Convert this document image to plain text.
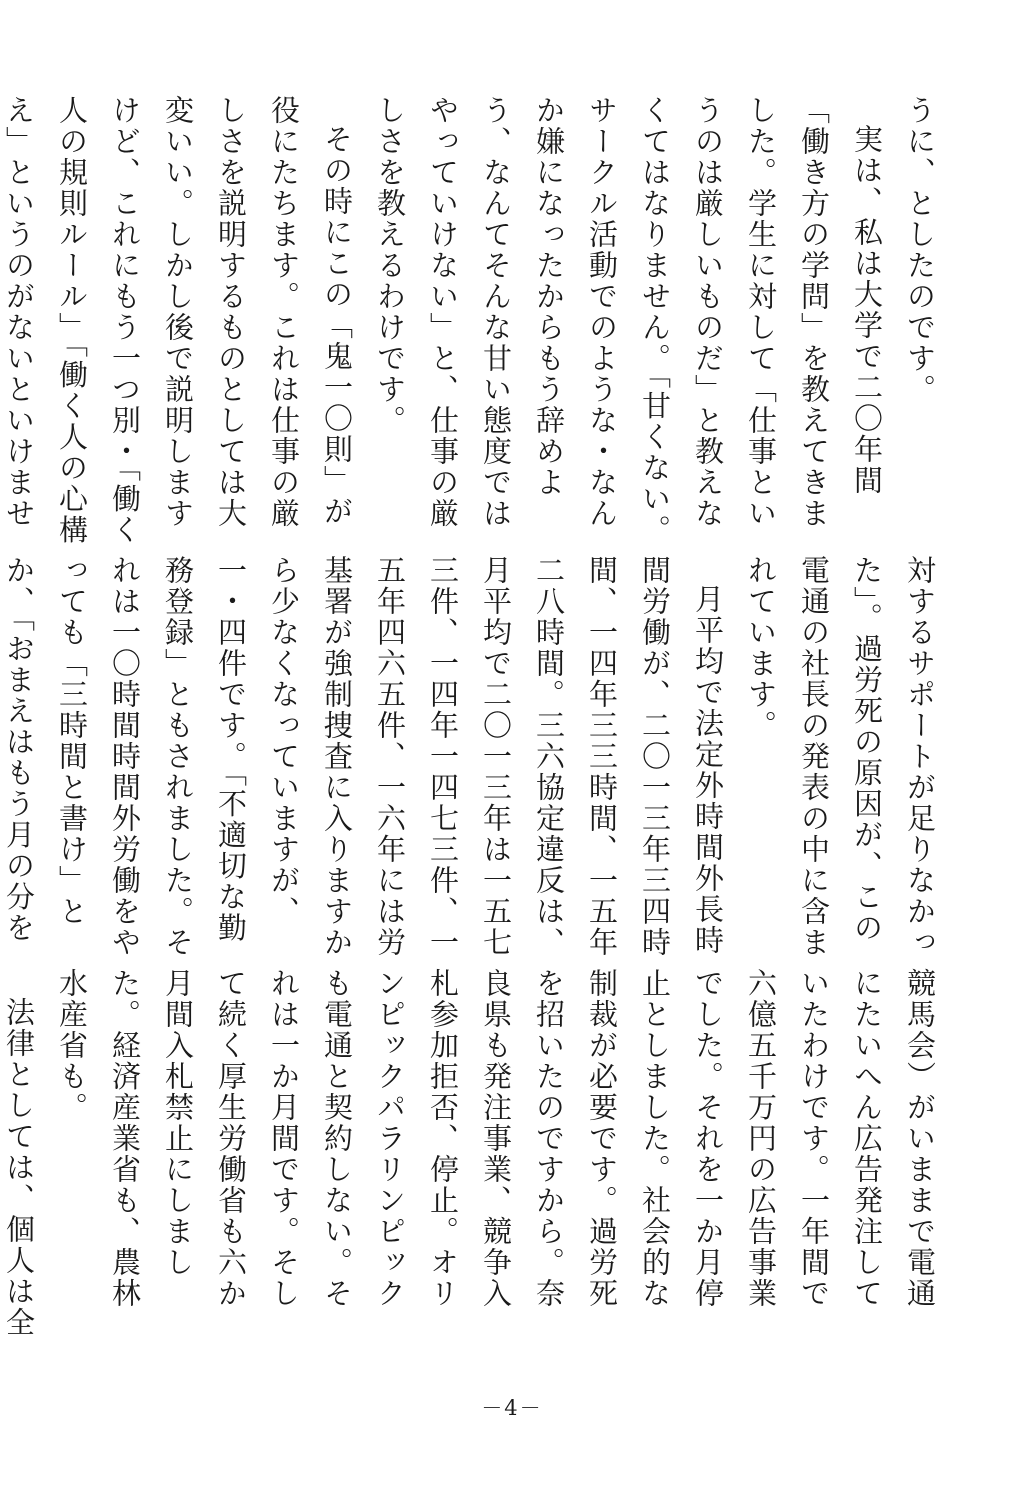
うに、としたのです。

実は、私は大学で二〇年間「働き方の学問」を教えてきました。学生に対して「仕事というのは厳しいものだ」と教えなくてはなりません。「甘くない。サークル活動でのような・なんか嫌になったからもう辞めよう、なんてそんな甘い態度ではやっていけない」と、仕事の厳しさを教えるわけです。

その時にこの「鬼一〇則」が役にたちます。これは仕事の厳しさを説明するものとしては大変いい。しかし後で説明しますけど、これにもう一つ別・「働く人の規則ルール」「働く人の心構え」というのがないといけませ

対するサポートが足りなかった」。過労死の原因が、この電通の社長の発表の中に含まれています。

月平均で法定外時間外長時間労働が、二〇一三年三四時間、一四年三三時間、一五年二八時間。三六協定違反は、月平均で二〇一三年は一五七三件、一四年一四七三件、一五年四六五件、一六年には労基署が強制捜査に入りますから少なくなっていますが、一・四件です。「不適切な勤務登録」ともされました。それは一〇時間時間外労働をやっても「三時間と書け」とか、「おまえはもう月の分を

競馬会）がいままで電通にたいへん広告発注していたわけです。一年間で六億五千万円の広告事業でした。それを一か月停止としました。社会的な制裁が必要です。過労死を招いたのですから。奈良県も発注事業、競争入札参加拒否、停止。オリンピックパラリンピックも電通と契約しない。それは一か月間です。そして続く厚生労働省も六か月間入札禁止にしました。経済産業省も、農林水産省も。

法律としては、個人は全

－4－
